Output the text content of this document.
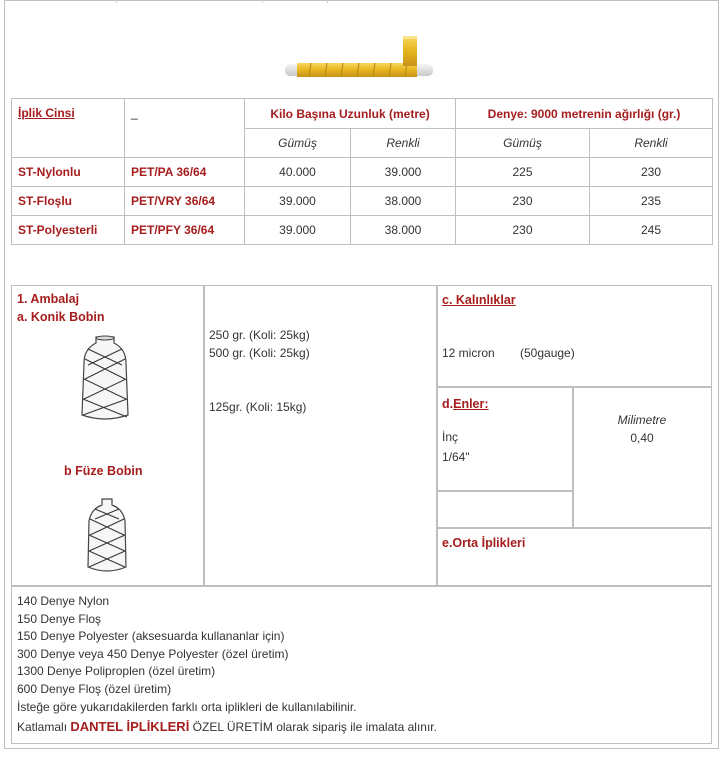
İplik Cinsi	_	Kilo Başına Uzunluk (metre)		Denye: 9000 metrenin ağırlığı (gr.)	
		Gümüş	Renkli	Gümüş	Renkli
ST-Nylonlu	PET/PA 36/64	40.000	39.000	225	230
ST-Floşlu	PET/VRY 36/64	39.000	38.000	230	235
ST-Polyesterli	PET/PFY 36/64	39.000	38.000	230	245
1. Ambalaj
a. Konik Bobin
b Füze Bobin
250 gr. (Koli: 25kg)
500 gr. (Koli: 25kg)
125gr. (Koli: 15kg)
c. Kalınlıklar
12 micron (50gauge)
d.Enler:
İnç
1/64"
Milimetre
0,40
e.Orta İplikleri
140 Denye Nylon
150 Denye Floş
150 Denye Polyester (aksesuarda kullananlar için)
300 Denye veya 450 Denye Polyester (özel üretim)
1300 Denye Poliproplen (özel üretim)
600 Denye Floş (özel üretim)
İsteğe göre yukarıdakilerden farklı orta iplikleri de kullanılabilinir.
Katlamalı DANTEL İPLİKLERİ ÖZEL ÜRETİM olarak sipariş ile imalata alınır.
